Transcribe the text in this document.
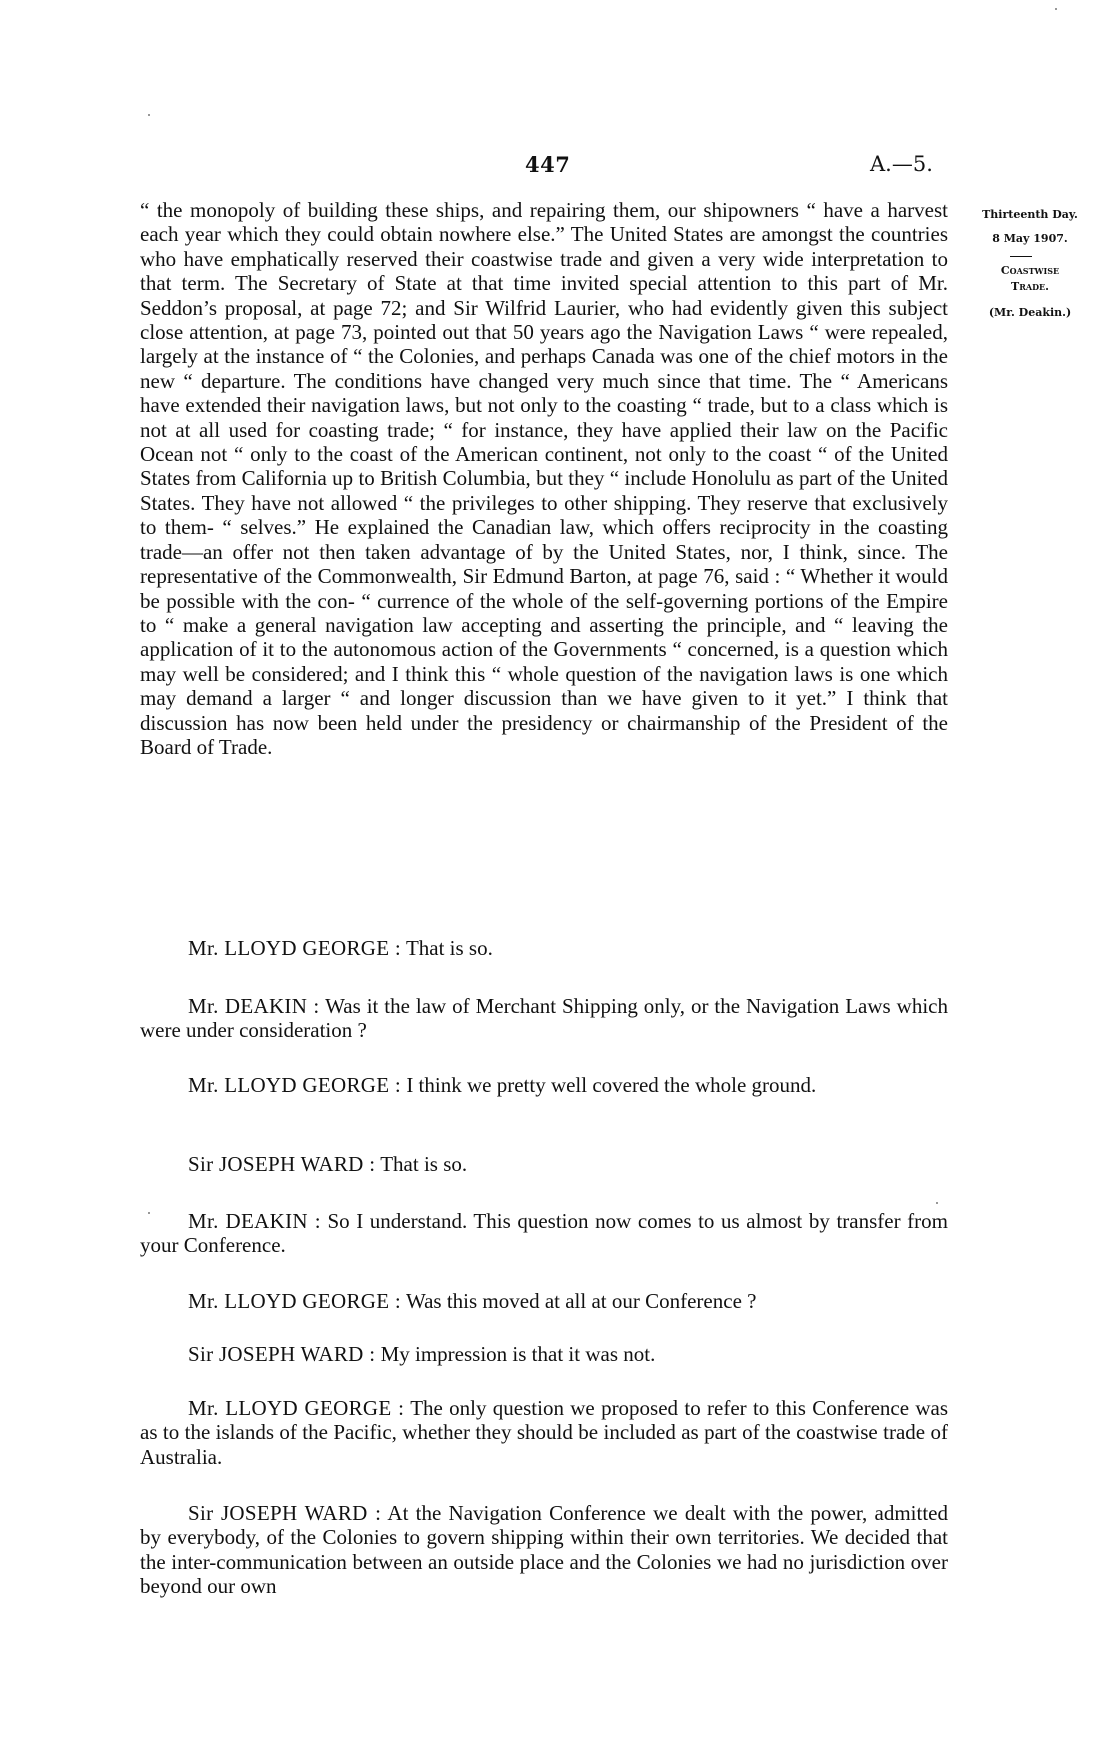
447	A.—5.
Thirteenth Day.
8 May 1907.
Coastwise
Trade.
(Mr. Deakin.)

“ the monopoly of building these ships, and repairing them, our shipowners “ have a harvest each year which they could obtain nowhere else.” The United States are amongst the countries who have emphatically reserved their coastwise trade and given a very wide interpretation to that term. The Secretary of State at that time invited special attention to this part of Mr. Seddon’s proposal, at page 72; and Sir Wilfrid Laurier, who had evidently given this subject close attention, at page 73, pointed out that 50 years ago the Navigation Laws “ were repealed, largely at the instance of “ the Colonies, and perhaps Canada was one of the chief motors in the new “ departure. The conditions have changed very much since that time. The “ Americans have extended their navigation laws, but not only to the coasting “ trade, but to a class which is not at all used for coasting trade; “ for instance, they have applied their law on the Pacific Ocean not “ only to the coast of the American continent, not only to the coast “ of the United States from California up to British Columbia, but they “ include Honolulu as part of the United States. They have not allowed “ the privileges to other shipping. They reserve that exclusively to them- “ selves.” He explained the Canadian law, which offers reciprocity in the coasting trade—an offer not then taken advantage of by the United States, nor, I think, since. The representative of the Commonwealth, Sir Edmund Barton, at page 76, said : “ Whether it would be possible with the con- “ currence of the whole of the self-governing portions of the Empire to “ make a general navigation law accepting and asserting the principle, and “ leaving the application of it to the autonomous action of the Governments “ concerned, is a question which may well be considered; and I think this “ whole question of the navigation laws is one which may demand a larger “ and longer discussion than we have given to it yet.” I think that discussion has now been held under the presidency or chairmanship of the President of the Board of Trade.

Mr. LLOYD GEORGE : That is so.

Mr. DEAKIN : Was it the law of Merchant Shipping only, or the Navigation Laws which were under consideration ?

Mr. LLOYD GEORGE : I think we pretty well covered the whole ground.

Sir JOSEPH WARD : That is so.

Mr. DEAKIN : So I understand. This question now comes to us almost by transfer from your Conference.

Mr. LLOYD GEORGE : Was this moved at all at our Conference ?

Sir JOSEPH WARD : My impression is that it was not.

Mr. LLOYD GEORGE : The only question we proposed to refer to this Conference was as to the islands of the Pacific, whether they should be included as part of the coastwise trade of Australia.

Sir JOSEPH WARD : At the Navigation Conference we dealt with the power, admitted by everybody, of the Colonies to govern shipping within their own territories. We decided that the inter-communication between an outside place and the Colonies we had no jurisdiction over beyond our own
